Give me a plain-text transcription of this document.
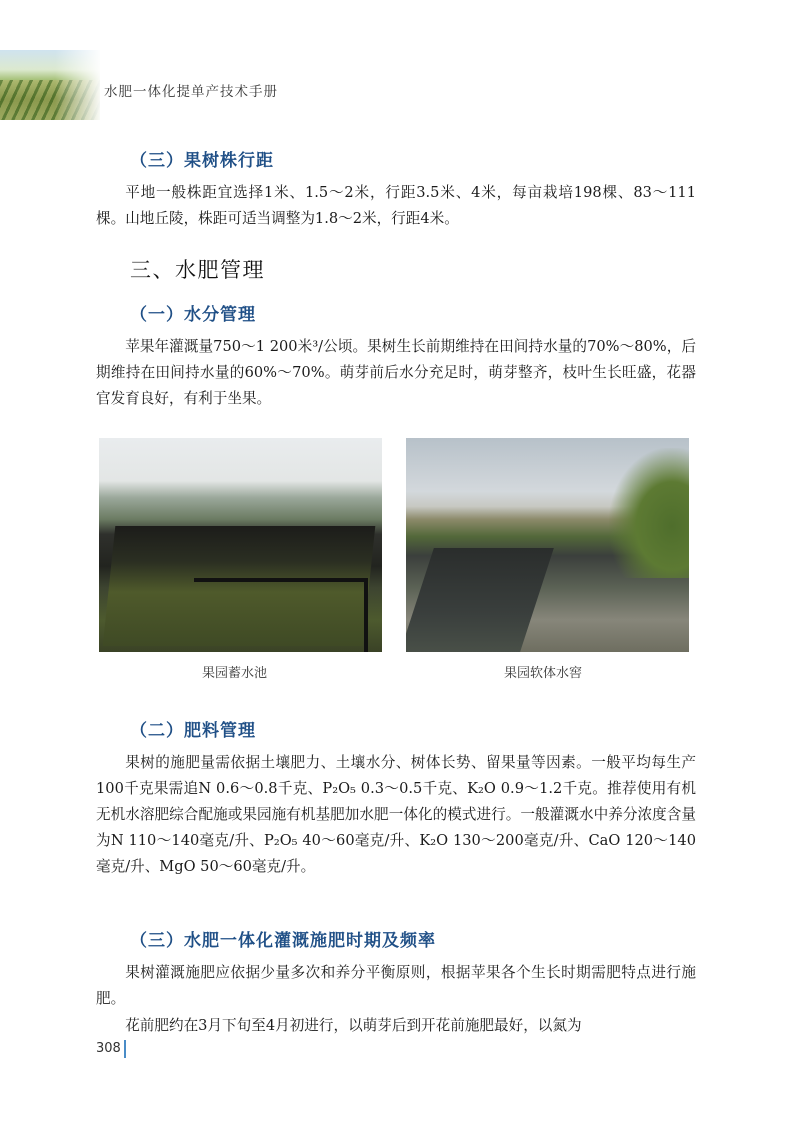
水肥一体化提单产技术手册
（三）果树株行距

平地一般株距宜选择1米、1.5～2米，行距3.5米、4米，每亩栽培198棵、83～111棵。山地丘陵，株距可适当调整为1.8～2米，行距4米。

三、水肥管理
（一）水分管理

苹果年灌溉量750～1 200米³/公顷。果树生长前期维持在田间持水量的70%～80%，后期维持在田间持水量的60%～70%。萌芽前后水分充足时，萌芽整齐，枝叶生长旺盛，花器官发育良好，有利于坐果。

果园蓄水池	果园软体水窖
（二）肥料管理

果树的施肥量需依据土壤肥力、土壤水分、树体长势、留果量等因素。一般平均每生产100千克果需追N 0.6～0.8千克、P₂O₅ 0.3～0.5千克、K₂O 0.9～1.2千克。推荐使用有机无机水溶肥综合配施或果园施有机基肥加水肥一体化的模式进行。一般灌溉水中养分浓度含量为N 110～140毫克/升、P₂O₅ 40～60毫克/升、K₂O 130～200毫克/升、CaO 120～140毫克/升、MgO 50～60毫克/升。

（三）水肥一体化灌溉施肥时期及频率

果树灌溉施肥应依据少量多次和养分平衡原则，根据苹果各个生长时期需肥特点进行施肥。

花前肥约在3月下旬至4月初进行，以萌芽后到开花前施肥最好，以氮为

308
